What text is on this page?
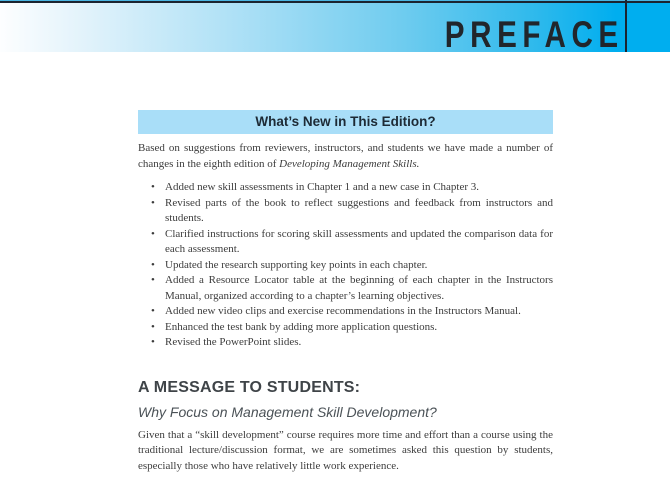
PREFACE
What’s New in This Edition?

Based on suggestions from reviewers, instructors, and students we have made a number of changes in the eighth edition of Developing Management Skills.

• Added new skill assessments in Chapter 1 and a new case in Chapter 3.
• Revised parts of the book to reflect suggestions and feedback from instructors and students.
• Clarified instructions for scoring skill assessments and updated the comparison data for each assessment.
• Updated the research supporting key points in each chapter.
• Added a Resource Locator table at the beginning of each chapter in the Instructors Manual, organized according to a chapter’s learning objectives.
• Added new video clips and exercise recommendations in the Instructors Manual.
• Enhanced the test bank by adding more application questions.
• Revised the PowerPoint slides.
A MESSAGE TO STUDENTS:
Why Focus on Management Skill Development?

Given that a “skill development” course requires more time and effort than a course using the traditional lecture/discussion format, we are sometimes asked this question by students, especially those who have relatively little work experience.
